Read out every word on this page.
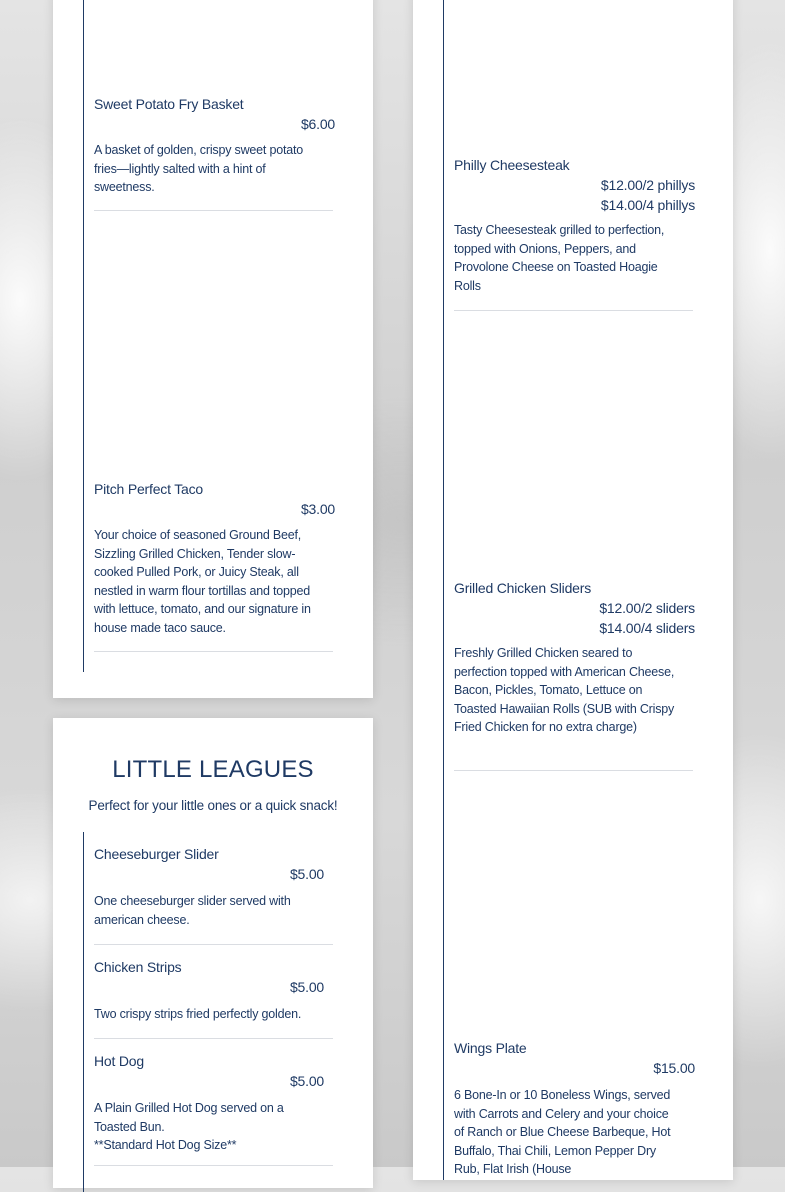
Sweet Potato Fry Basket
$6.00
A basket of golden, crispy sweet potato fries—lightly salted with a hint of sweetness.
Pitch Perfect Taco
$3.00
Your choice of seasoned Ground Beef, Sizzling Grilled Chicken, Tender slow-cooked Pulled Pork, or Juicy Steak, all nestled in warm flour tortillas and topped with lettuce, tomato, and our signature in house made taco sauce.
LITTLE LEAGUES
Perfect for your little ones or a quick snack!
Cheeseburger Slider
$5.00
One cheeseburger slider served with american cheese.
Chicken Strips
$5.00
Two crispy strips fried perfectly golden.
Hot Dog
$5.00
A Plain Grilled Hot Dog served on a Toasted Bun.
**Standard Hot Dog Size**
Philly Cheesesteak
$12.00/2 phillys
$14.00/4 phillys
Tasty Cheesesteak grilled to perfection, topped with Onions, Peppers, and Provolone Cheese on Toasted Hoagie Rolls
Grilled Chicken Sliders
$12.00/2 sliders
$14.00/4 sliders
Freshly Grilled Chicken seared to perfection topped with American Cheese, Bacon, Pickles, Tomato, Lettuce on Toasted Hawaiian Rolls (SUB with Crispy Fried Chicken for no extra charge)
Wings Plate
$15.00
6 Bone-In or 10 Boneless Wings, served with Carrots and Celery and your choice of Ranch or Blue Cheese Barbeque, Hot Buffalo, Thai Chili, Lemon Pepper Dry Rub, Flat Irish (House
